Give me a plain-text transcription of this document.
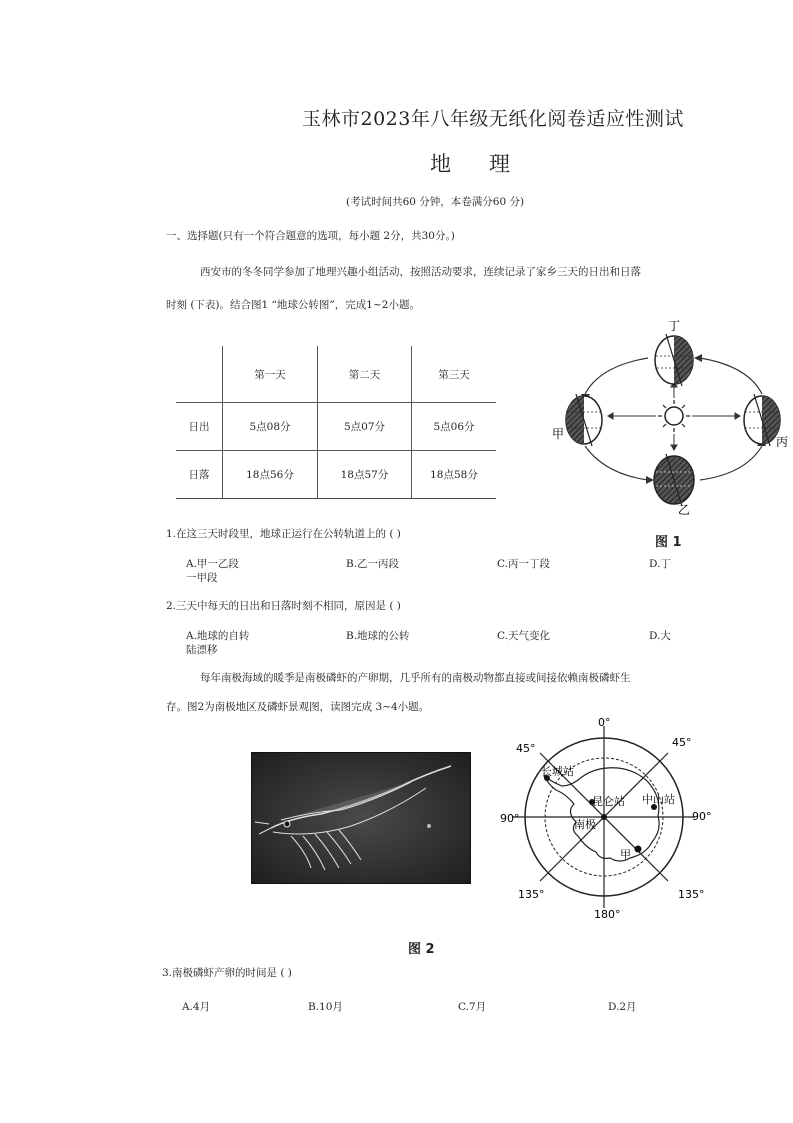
玉林市2023年八年级无纸化阅卷适应性测试
地理
(考试时间共60 分钟，本卷满分60 分)
一、选择题(只有一个符合题意的选项，每小题 2分，共30分。)
西安市的冬冬同学参加了地理兴趣小组活动，按照活动要求，连续记录了家乡三天的日出和日落
时刻 (下表)。结合图1 “地球公转图”，完成1~2小题。
	第一天	第二天	第三天
日出	5点08分	5点07分	5点06分
日落	18点56分	18点57分	18点58分
丁
甲
丙
乙
图 1
1.在这三天时段里，地球正运行在公转轨道上的 ( )
A.甲一乙段	B.乙一丙段	C.丙一丁段	D.丁
一甲段
2.三天中每天的日出和日落时刻不相同，原因是 ( )
A.地球的自转	B.地球的公转	C.天气变化	D.大
陆漂移
每年南极海域的暖季是南极磷虾的产卵期，几乎所有的南极动物都直接或间接依赖南极磷虾生
存。图2为南极地区及磷虾景观图，读图完成 3~4小题。
0°
45°	45°
90°	90°
135°	135°
180°
长城站
昆仑站 中山站
南极
甲
图 2
3.南极磷虾产卵的时间是 ( )
A.4月	B.10月	C.7月	D.2月
